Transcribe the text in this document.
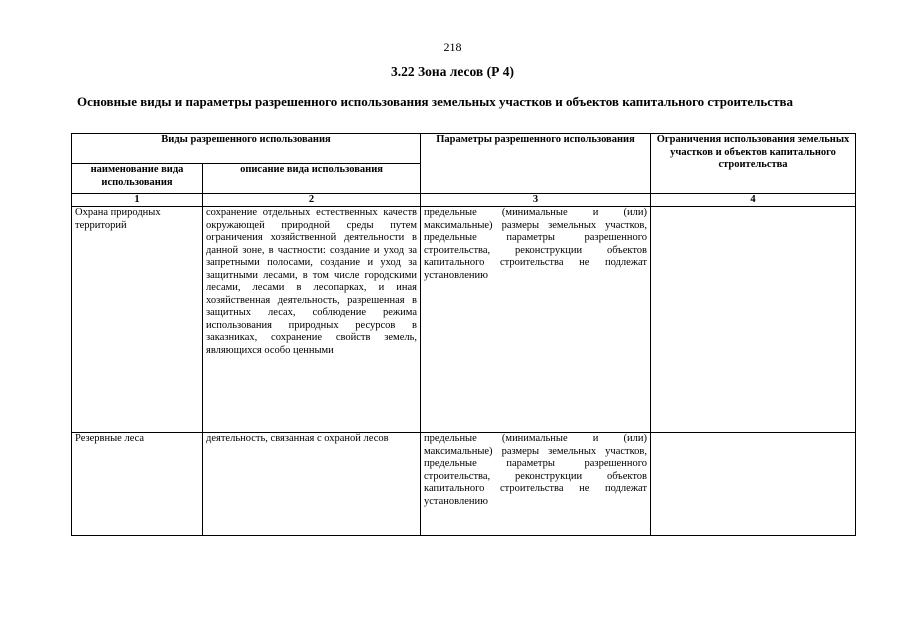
218
3.22 Зона лесов (Р 4)
Основные виды и параметры разрешенного использования земельных участков и объектов капитального строительства
Виды разрешенного использования		Параметры разрешенного использования	Ограничения использования земельных участков и объектов капитального строительства
наименование вида использования	описание вида использования		
1	2	3	4
Охрана природных территорий	сохранение отдельных естественных качеств окружающей природной среды путем ограничения хозяйственной деятельности в данной зоне, в частности: создание и уход за запретными полосами, создание и уход за защитными лесами, в том числе городскими лесами, лесами в лесопарках, и иная хозяйственная деятельность, разрешенная в защитных лесах, соблюдение режима использования природных ресурсов в заказниках, сохранение свойств земель, являющихся особо ценными	предельные (минимальные и (или) максимальные) размеры земельных участков, предельные параметры разрешенного строительства, реконструкции объектов капитального строительства не подлежат установлению	
Резервные леса	деятельность, связанная с охраной лесов	предельные (минимальные и (или) максимальные) размеры земельных участков, предельные параметры разрешенного строительства, реконструкции объектов капитального строительства не подлежат установлению	
